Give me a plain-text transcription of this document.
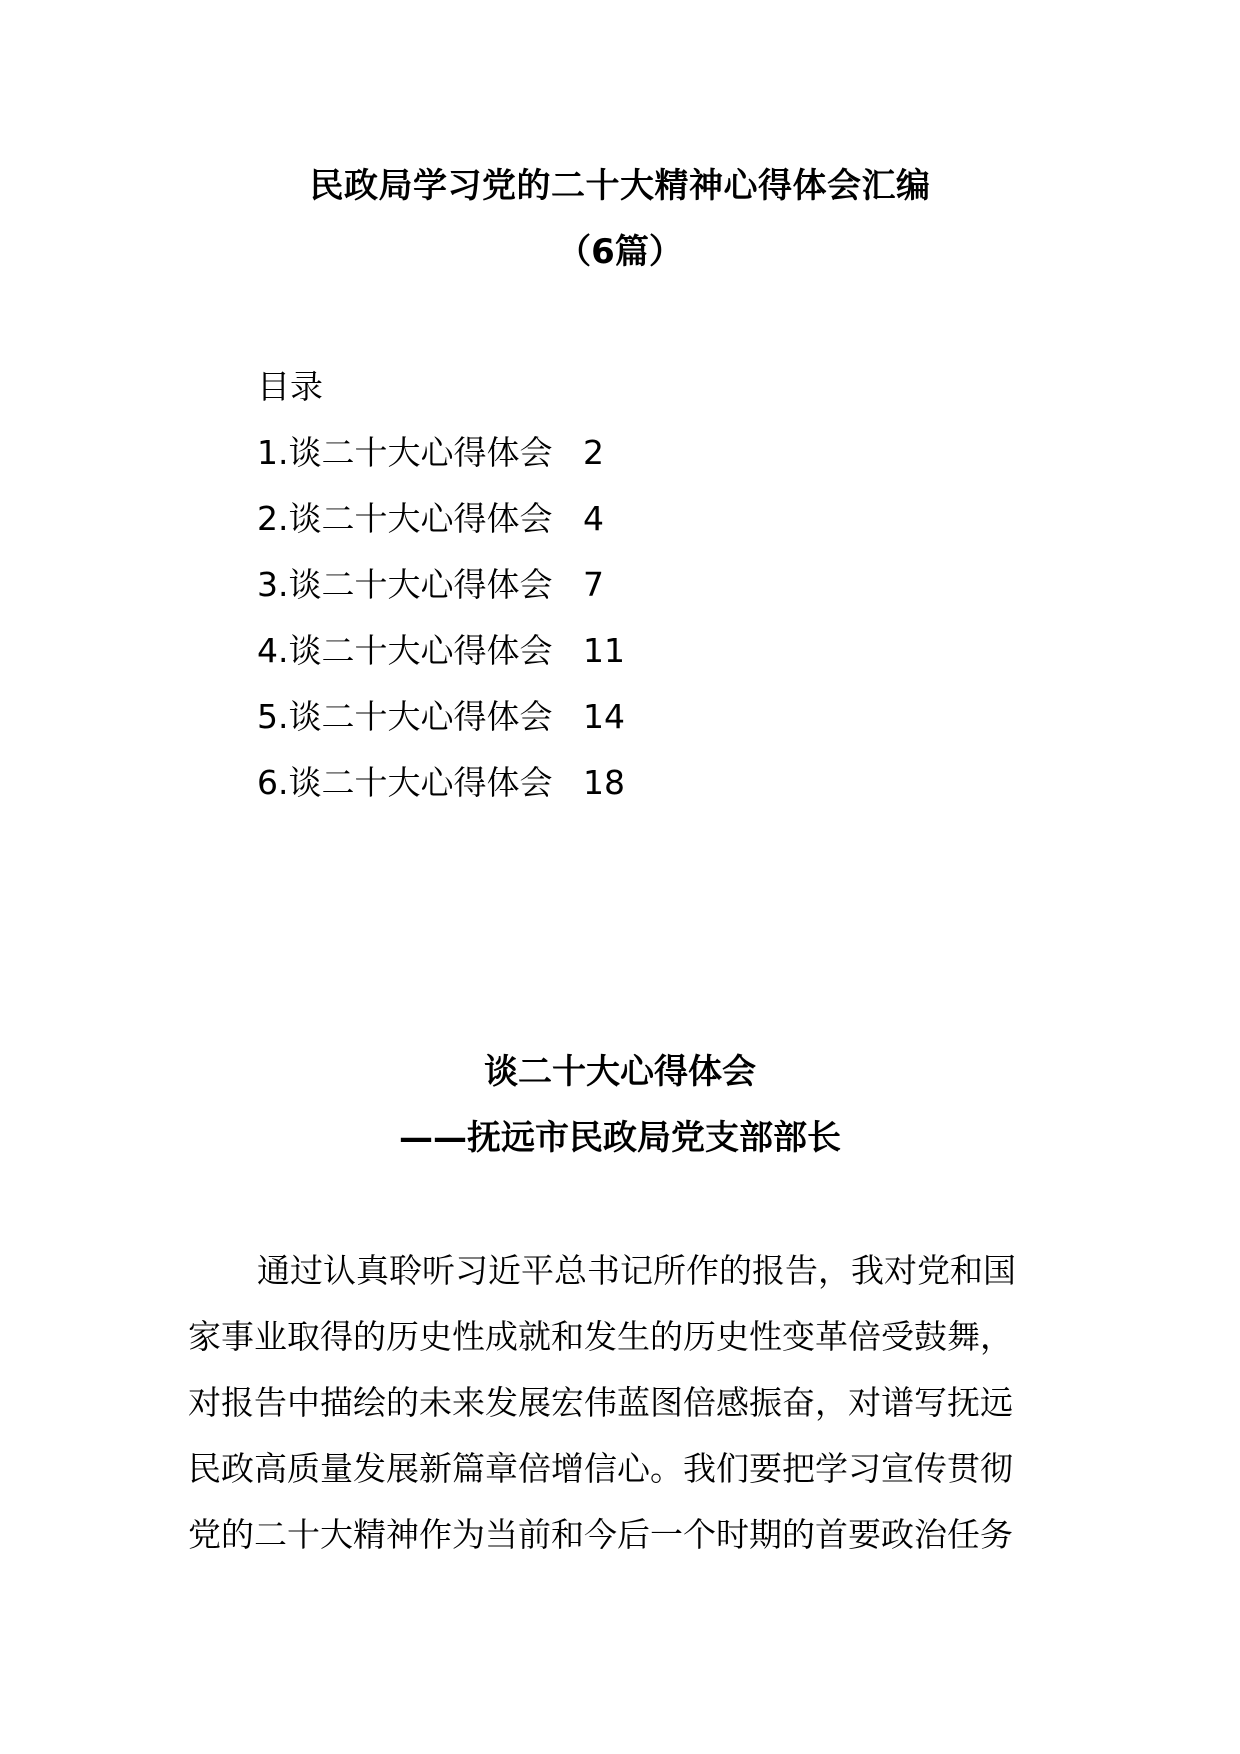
民政局学习党的二十大精神心得体会汇编
（6篇）
目录
1.谈二十大心得体会 2
2.谈二十大心得体会 4
3.谈二十大心得体会 7
4.谈二十大心得体会 11
5.谈二十大心得体会 14
6.谈二十大心得体会 18
谈二十大心得体会
——抚远市民政局党支部部长
通过认真聆听习近平总书记所作的报告，我对党和国
家事业取得的历史性成就和发生的历史性变革倍受鼓舞，
对报告中描绘的未来发展宏伟蓝图倍感振奋，对谱写抚远
民政高质量发展新篇章倍增信心。我们要把学习宣传贯彻
党的二十大精神作为当前和今后一个时期的首要政治任务
